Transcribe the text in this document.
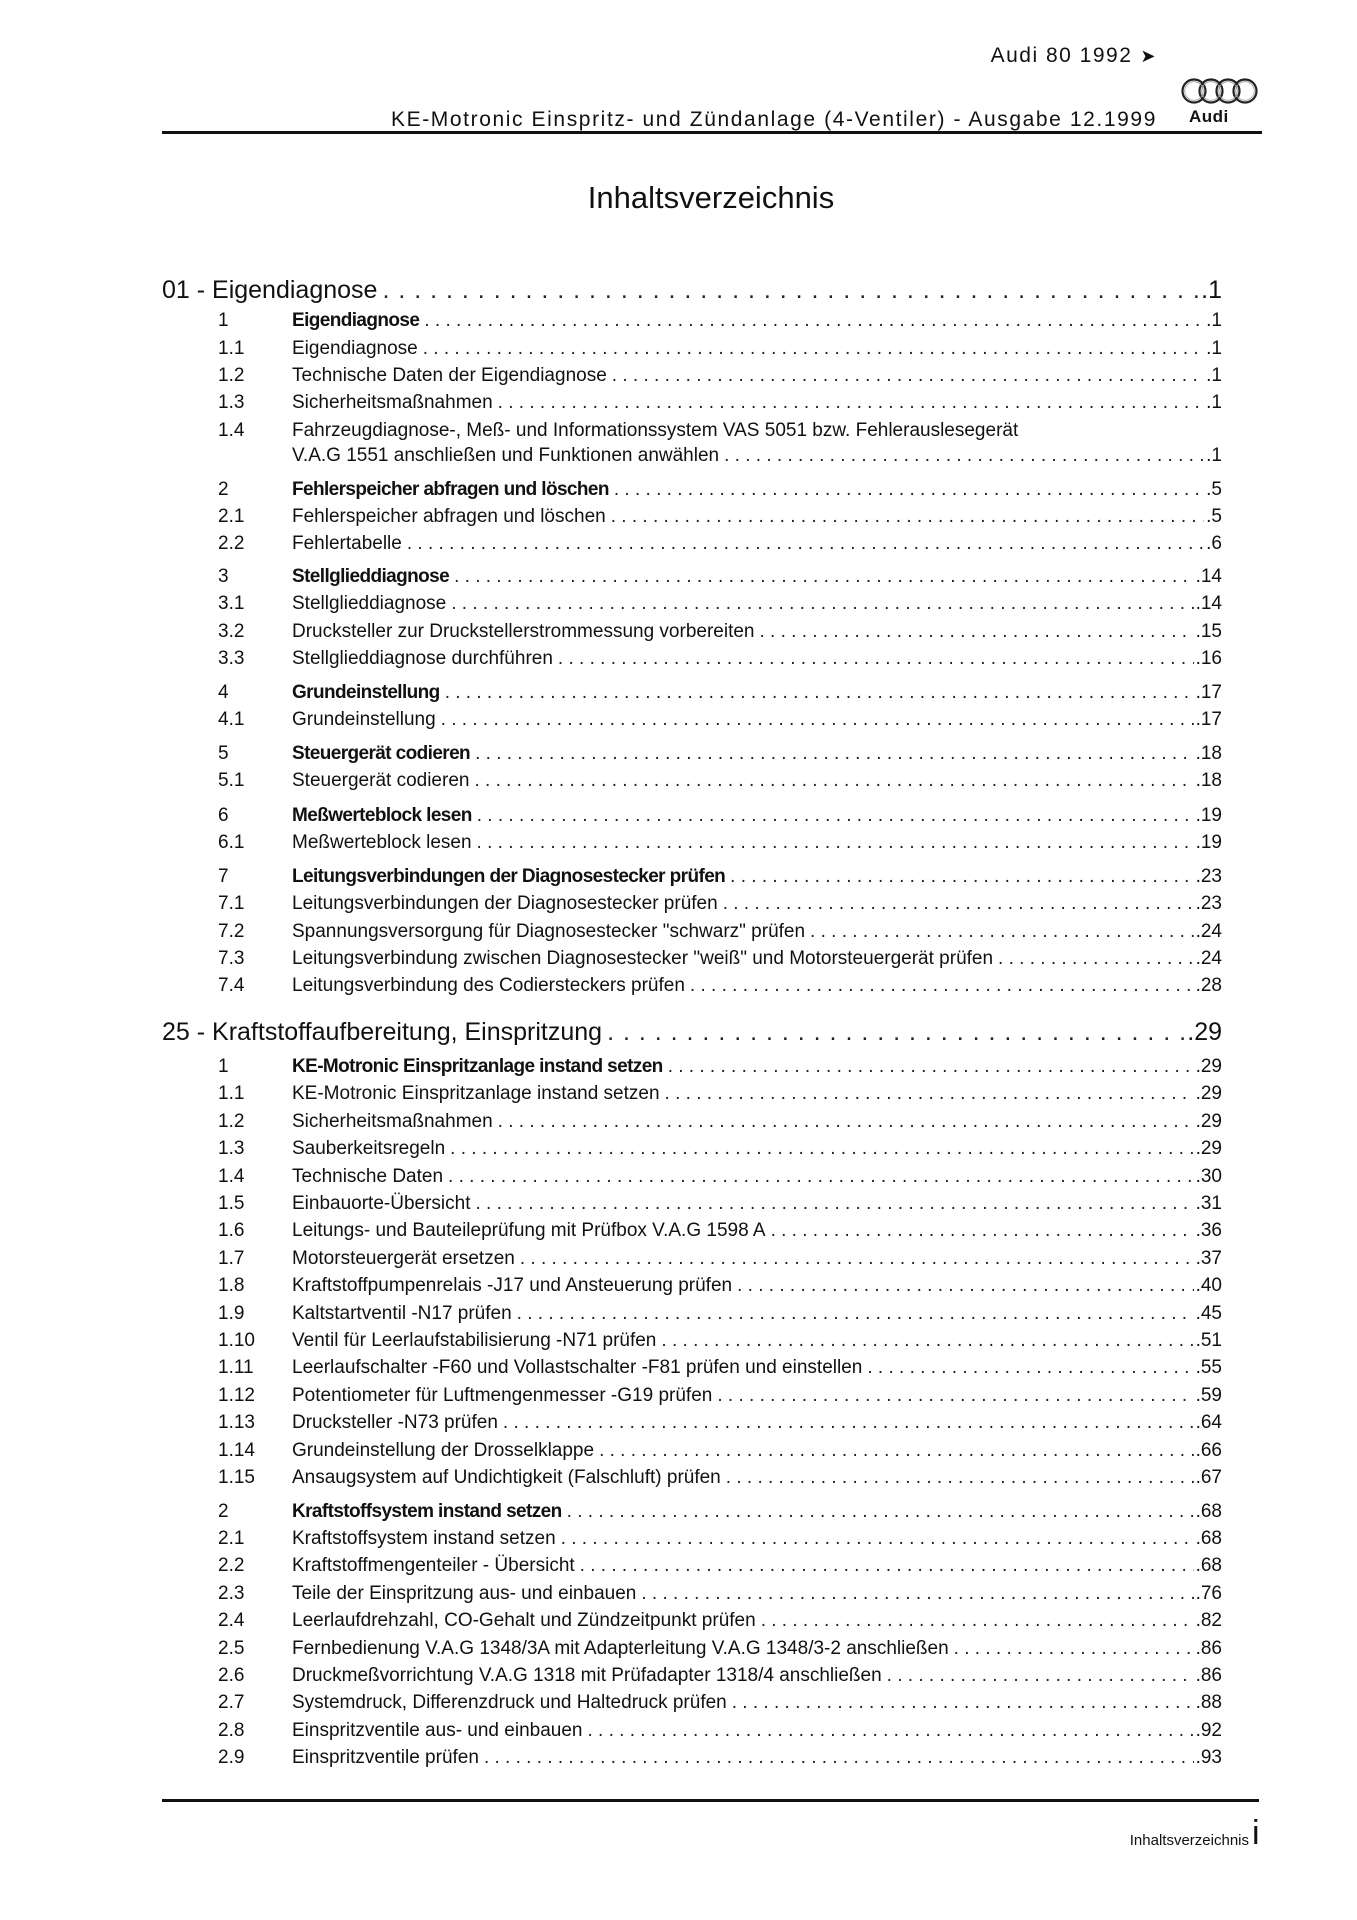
Audi 80 1992 ➤
KE-Motronic Einspritz- und Zündanlage (4-Ventiler) - Ausgabe 12.1999 Audi
Inhaltsverzeichnis
01 - Eigendiagnose . . .	.1
1	Eigendiagnose . . .	.1
1.1	Eigendiagnose . . .	.1
1.2	Technische Daten der Eigendiagnose . . .	.1
1.3	Sicherheitsmaßnahmen . . .	.1
1.4	Fahrzeugdiagnose-, Meß- und Informationssystem VAS 5051 bzw. Fehlerauslesegerät
V.A.G 1551 anschließen und Funktionen anwählen . . .	.1
2	Fehlerspeicher abfragen und löschen . . .	.5
2.1	Fehlerspeicher abfragen und löschen . . .	.5
2.2	Fehlertabelle . . .	.6
3	Stellglieddiagnose . . .	.14
3.1	Stellglieddiagnose . . .	.14
3.2	Drucksteller zur Druckstellerstrommessung vorbereiten . . .	.15
3.3	Stellglieddiagnose durchführen . . .	.16
4	Grundeinstellung . . .	.17
4.1	Grundeinstellung . . .	.17
5	Steuergerät codieren . . .	.18
5.1	Steuergerät codieren . . .	.18
6	Meßwerteblock lesen . . .	.19
6.1	Meßwerteblock lesen . . .	.19
7	Leitungsverbindungen der Diagnosestecker prüfen . . .	.23
7.1	Leitungsverbindungen der Diagnosestecker prüfen . . .	.23
7.2	Spannungsversorgung für Diagnosestecker "schwarz" prüfen . . .	.24
7.3	Leitungsverbindung zwischen Diagnosestecker "weiß" und Motorsteuergerät prüfen . . .	.24
7.4	Leitungsverbindung des Codiersteckers prüfen . . .	.28
25 - Kraftstoffaufbereitung, Einspritzung . . .	.29
1	KE-Motronic Einspritzanlage instand setzen . . .	.29
1.1	KE-Motronic Einspritzanlage instand setzen . . .	.29
1.2	Sicherheitsmaßnahmen . . .	.29
1.3	Sauberkeitsregeln . . .	.29
1.4	Technische Daten . . .	.30
1.5	Einbauorte-Übersicht . . .	.31
1.6	Leitungs- und Bauteileprüfung mit Prüfbox V.A.G 1598 A . . .	.36
1.7	Motorsteuergerät ersetzen . . .	.37
1.8	Kraftstoffpumpenrelais -J17 und Ansteuerung prüfen . . .	.40
1.9	Kaltstartventil -N17 prüfen . . .	.45
1.10	Ventil für Leerlaufstabilisierung -N71 prüfen . . .	.51
1.11	Leerlaufschalter -F60 und Vollastschalter -F81 prüfen und einstellen . . .	.55
1.12	Potentiometer für Luftmengenmesser -G19 prüfen . . .	.59
1.13	Drucksteller -N73 prüfen . . .	.64
1.14	Grundeinstellung der Drosselklappe . . .	.66
1.15	Ansaugsystem auf Undichtigkeit (Falschluft) prüfen . . .	.67
2	Kraftstoffsystem instand setzen . . .	.68
2.1	Kraftstoffsystem instand setzen . . .	.68
2.2	Kraftstoffmengenteiler - Übersicht . . .	.68
2.3	Teile der Einspritzung aus- und einbauen . . .	.76
2.4	Leerlaufdrehzahl, CO-Gehalt und Zündzeitpunkt prüfen . . .	.82
2.5	Fernbedienung V.A.G 1348/3A mit Adapterleitung V.A.G 1348/3-2 anschließen . . .	.86
2.6	Druckmeßvorrichtung V.A.G 1318 mit Prüfadapter 1318/4 anschließen . . .	.86
2.7	Systemdruck, Differenzdruck und Haltedruck prüfen . . .	.88
2.8	Einspritzventile aus- und einbauen . . .	.92
2.9	Einspritzventile prüfen . . .	.93
Inhaltsverzeichnis i
